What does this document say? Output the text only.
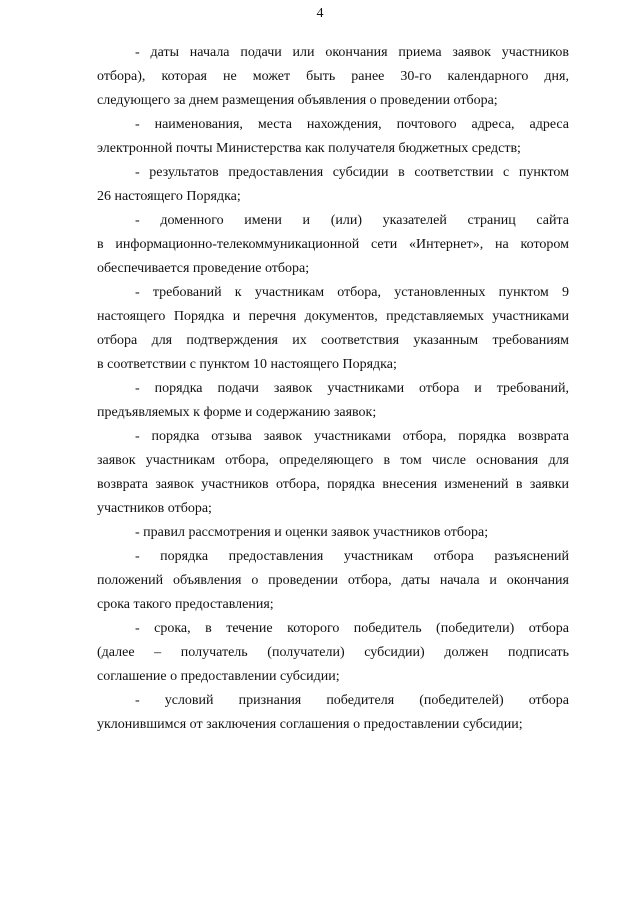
4
- даты начала подачи или окончания приема заявок участников
отбора), которая не может быть ранее 30-го календарного дня,
следующего за днем размещения объявления о проведении отбора;
- наименования, места нахождения, почтового адреса, адреса
электронной почты Министерства как получателя бюджетных средств;
- результатов предоставления субсидии в соответствии с пунктом
26 настоящего Порядка;
- доменного имени и (или) указателей страниц сайта
в информационно-телекоммуникационной сети «Интернет», на котором
обеспечивается проведение отбора;
- требований к участникам отбора, установленных пунктом 9
настоящего Порядка и перечня документов, представляемых участниками
отбора для подтверждения их соответствия указанным требованиям
в соответствии с пунктом 10 настоящего Порядка;
- порядка подачи заявок участниками отбора и требований,
предъявляемых к форме и содержанию заявок;
- порядка отзыва заявок участниками отбора, порядка возврата
заявок участникам отбора, определяющего в том числе основания для
возврата заявок участников отбора, порядка внесения изменений в заявки
участников отбора;
- правил рассмотрения и оценки заявок участников отбора;
- порядка предоставления участникам отбора разъяснений
положений объявления о проведении отбора, даты начала и окончания
срока такого предоставления;
- срока, в течение которого победитель (победители) отбора
(далее – получатель (получатели) субсидии) должен подписать
соглашение о предоставлении субсидии;
- условий признания победителя (победителей) отбора
уклонившимся от заключения соглашения о предоставлении субсидии;
